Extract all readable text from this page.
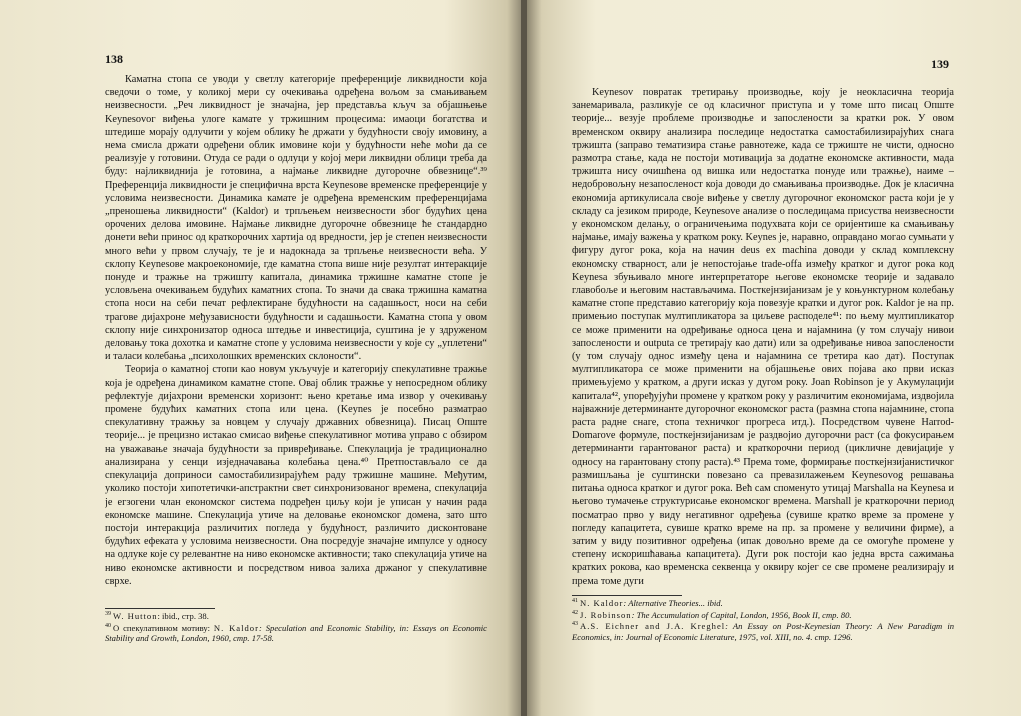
138

Каматна стопа се уводи у светлу категорије преференције ликвидности која сведочи о томе, у коликој мери су очекивања одређена вољом за смањивањем неизвесности. „Реч ликвидност је значајна, јер представља кључ за објашњење Keynesovог виђења улоге камате у тржишним процесима: имаоци богатства и штедише морају одлучити у којем облику ће држати у будућности своју имовину, а нема смисла држати одређени облик имовине који у будућности неће моћи да се реализује у готовини. Отуда се ради о одлуци у којој мери ликвидни облици треба да буду: најликвиднија је готовина, а најмање ликвидне дугорочне обвезнице“.³⁹ Преференција ликвидности је специфична врста Keynesове временске преференције у условима неизвесности. Динамика камате је одређена временским преференцијама „преношења ликвидности“ (Kaldor) и трпљењем неизвесности због будућих цена орочених делова имовине. Најмање ликвидне дугорочне обвезнице ће стандардно донети већи принос од краткорочних хартија од вредности, јер је степен неизвесности много већи у првом случају, те је и надокнада за трпљење неизвесности већа. У склопу Keynesове макроекономије, где каматна стопа више није резултат интеракције понуде и тражње на тржишту капитала, динамика тржишне каматне стопе је условљена очекивањем будућих каматних стопа. То значи да свака тржишна каматна стопа носи на себи печат рефлектиране будућности на садашњост, носи на себи трагове дијахроне међузависности будућности и садашњости. Каматна стопа у овом склопу није синхронизатор односа штедње и инвестиција, суштина је у здруженом деловању тока дохотка и каматне стопе у условима неизвесности у које су „уплетени“ и таласи колебања „психолошких временских склоности“.

Теорија о каматној стопи као новум укључује и категорију спекулативне тражње која је одређена динамиком каматне стопе. Овај облик тражње у непосредном облику рефлектује дијахрони временски хоризонт: њено кретање има извор у очекивању промене будућих каматних стопа или цена. (Keynes је посебно разматрао спекулативну тражњу за новцем у случају државних обвезница). Писац Опште теорије... је прецизно истакао смисао виђење спекулативног мотива управо с обзиром на уважавање значаја будућности за привређивање. Спекулација је традиционално анализирана у сенци изједначавања колебања цена.⁴⁰ Претпостављало се да спекулација доприноси самостабилизирајућем раду тржишне машине. Међутим, уколико постоји хипотетички-апстрактни свет синхронизованог времена, спекулација је егзогени члан економског система подређен циљу који је уписан у начин рада економске машине. Спекулација утиче на деловање економског домена, зато што постоји интеракција различитих погледа у будућност, различито дисконтоване будућих ефеката у условима неизвесности. Она посредује значајне импулсе у односу на одлуке које су релевантне на ниво економске активности; тако спекулација утиче на ниво економске активности и посредством нивоа залиха држаног у спекулативне сврхе.

$^{39}$ W. Hutton: ibid., стр. 38.
$^{40}$ О спекулативном мотиву: N. Kaldor: Speculation and Economic Stability, in: Essays on Economic Stability and Growth, London, 1960, стр. 17-58.
139

Keynesov повратак третирању производње, коју је неокласична теорија занемаривала, разликује се од класичног приступа и у томе што писац Опште теорије... везује проблеме производње и запослености за кратки рок. У овом временском оквиру анализира последице недостатка самостабилизирајућих снага тржишта (заправо тематизира стање равнотеже, када се тржиште не чисти, односно размотра стање, када не постоји мотивација за додатне економске активности, мада тржишта нису очишћена од вишка или недостатка понуде или тражње), наиме – недобровољну незапосленост која доводи до смањивања производње. Док је класична економија артикулисала своје виђење у светлу дугорочног економског раста који је у складу са језиком природе, Keynesove анализе о последицама присуства неизвесности у економском делању, о ограничењима подухвата који се оријентише ка смањивању најмање, имају важења у кратком року. Keynes је, наравно, оправдано могао сумњати у фигуру дугог рока, која на начин deus ex machina доводи у склад комплексну економску стварност, али је непостојање trade-offa између кратког и дугог рока код Keynesa збуњивало многе интерпретаторе његове економске теорије и задавало главобоље и његовим настављачима. Посткејнзијанизам је у коњунктурном колебању каматне стопе представио категорију која повезује кратки и дугог рок. Kaldor је на пр. примењио поступак мултипликатора за циљеве расподеле⁴¹: по њему мултипликатор се може применити на одређивање односа цена и најамнина (у том случају нивои запослености и outputa се третирају као дати) или за одређивање нивоа запослености (у том случају однос између цена и најамнина се третира као дат). Поступак мултипликатора се може применити на објашњење ових појава ако први исказ примењујемо у кратком, а други исказ у дугом року. Joan Robinson је у Акумулацији капитала⁴², упоређујући промене у кратком року у различитим економијама, издвојила најважније детерминанте дугорочног економског раста (размна стопа најамнине, стопа раста радне снаге, стопа техничког прогреса итд.). Посредством чувене Harrod-Domarove формуле, посткејнзијанизам је раздвојио дугорочни раст (са фокусирањем детерминанти гарантованог раста) и краткорочни период (цикличне девијације у односу на гарантовану стопу раста).⁴³ Према томе, формирање посткејнзијанистичког размишљања је суштински повезано са превазилажењем Keynesovog решавања питања односа кратког и дугог рока. Већ сам споменуто утицај Marshalla на Keynesa и његово тумачење структурисање економског времена. Marshall је краткорочни период посматрао прво у виду негативног одређења (сувише кратко време за промене у погледу капацитета, сувише кратко време на пр. за промене у величини фирме), а затим у виду позитивног одређења (ипак довољно време да се омогуће промене у степену искоришћавања капацитета). Дуги рок постоји као једна врста сажимања кратких рокова, као временска секвенца у оквиру којег се све промене реализирају и према томе дуги

$^{41}$ N. Kaldor: Alternative Theories... ibid.
$^{42}$ J. Robinson: The Accumulation of Capital, London, 1956, Book II, стр. 80.
$^{43}$ A.S. Eichner and J.A. Kreghel: An Essay on Post-Keynesian Theory: A New Paradigm in Economics, in: Journal of Economic Literature, 1975, vol. XIII, no. 4. стр. 1296.
